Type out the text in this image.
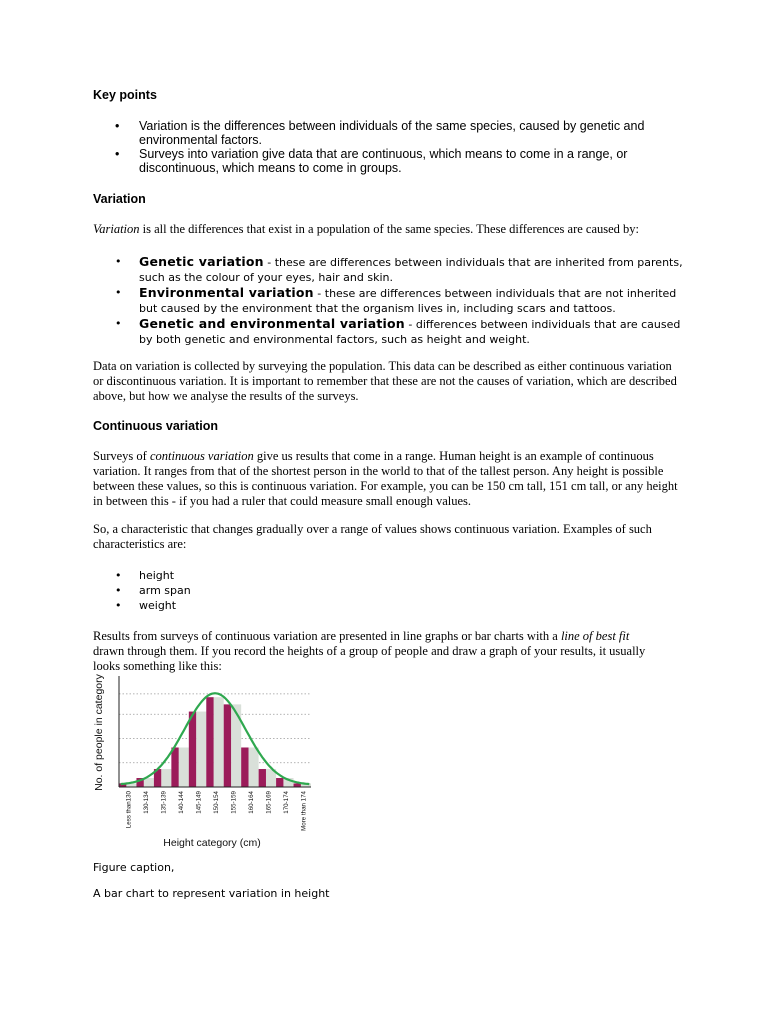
Key points
• Variation is the differences between individuals of the same species, caused by genetic and environmental factors.
• Surveys into variation give data that are continuous, which means to come in a range, or discontinuous, which means to come in groups.
Variation

Variation is all the differences that exist in a population of the same species. These differences are caused by:

• Genetic variation - these are differences between individuals that are inherited from parents, such as the colour of your eyes, hair and skin.
• Environmental variation - these are differences between individuals that are not inherited but caused by the environment that the organism lives in, including scars and tattoos.
• Genetic and environmental variation - differences between individuals that are caused by both genetic and environmental factors, such as height and weight.

Data on variation is collected by surveying the population. This data can be described as either continuous variation or discontinuous variation. It is important to remember that these are not the causes of variation, which are described above, but how we analyse the results of the surveys.

Continuous variation

Surveys of continuous variation give us results that come in a range. Human height is an example of continuous variation. It ranges from that of the shortest person in the world to that of the tallest person. Any height is possible between these values, so this is continuous variation. For example, you can be 150 cm tall, 151 cm tall, or any height in between this - if you had a ruler that could measure small enough values.

So, a characteristic that changes gradually over a range of values shows continuous variation. Examples of such characteristics are:

• height
• arm span
• weight

Results from surveys of continuous variation are presented in line graphs or bar charts with a line of best fit drawn through them. If you record the heights of a group of people and draw a graph of your results, it usually looks something like this:

Less than130 130-134 135-139 140-144 145-149 150-154 155-159 160-164 165-169 170-174 More than 174
No. of people in category
Height category (cm)

Figure caption,

A bar chart to represent variation in height
